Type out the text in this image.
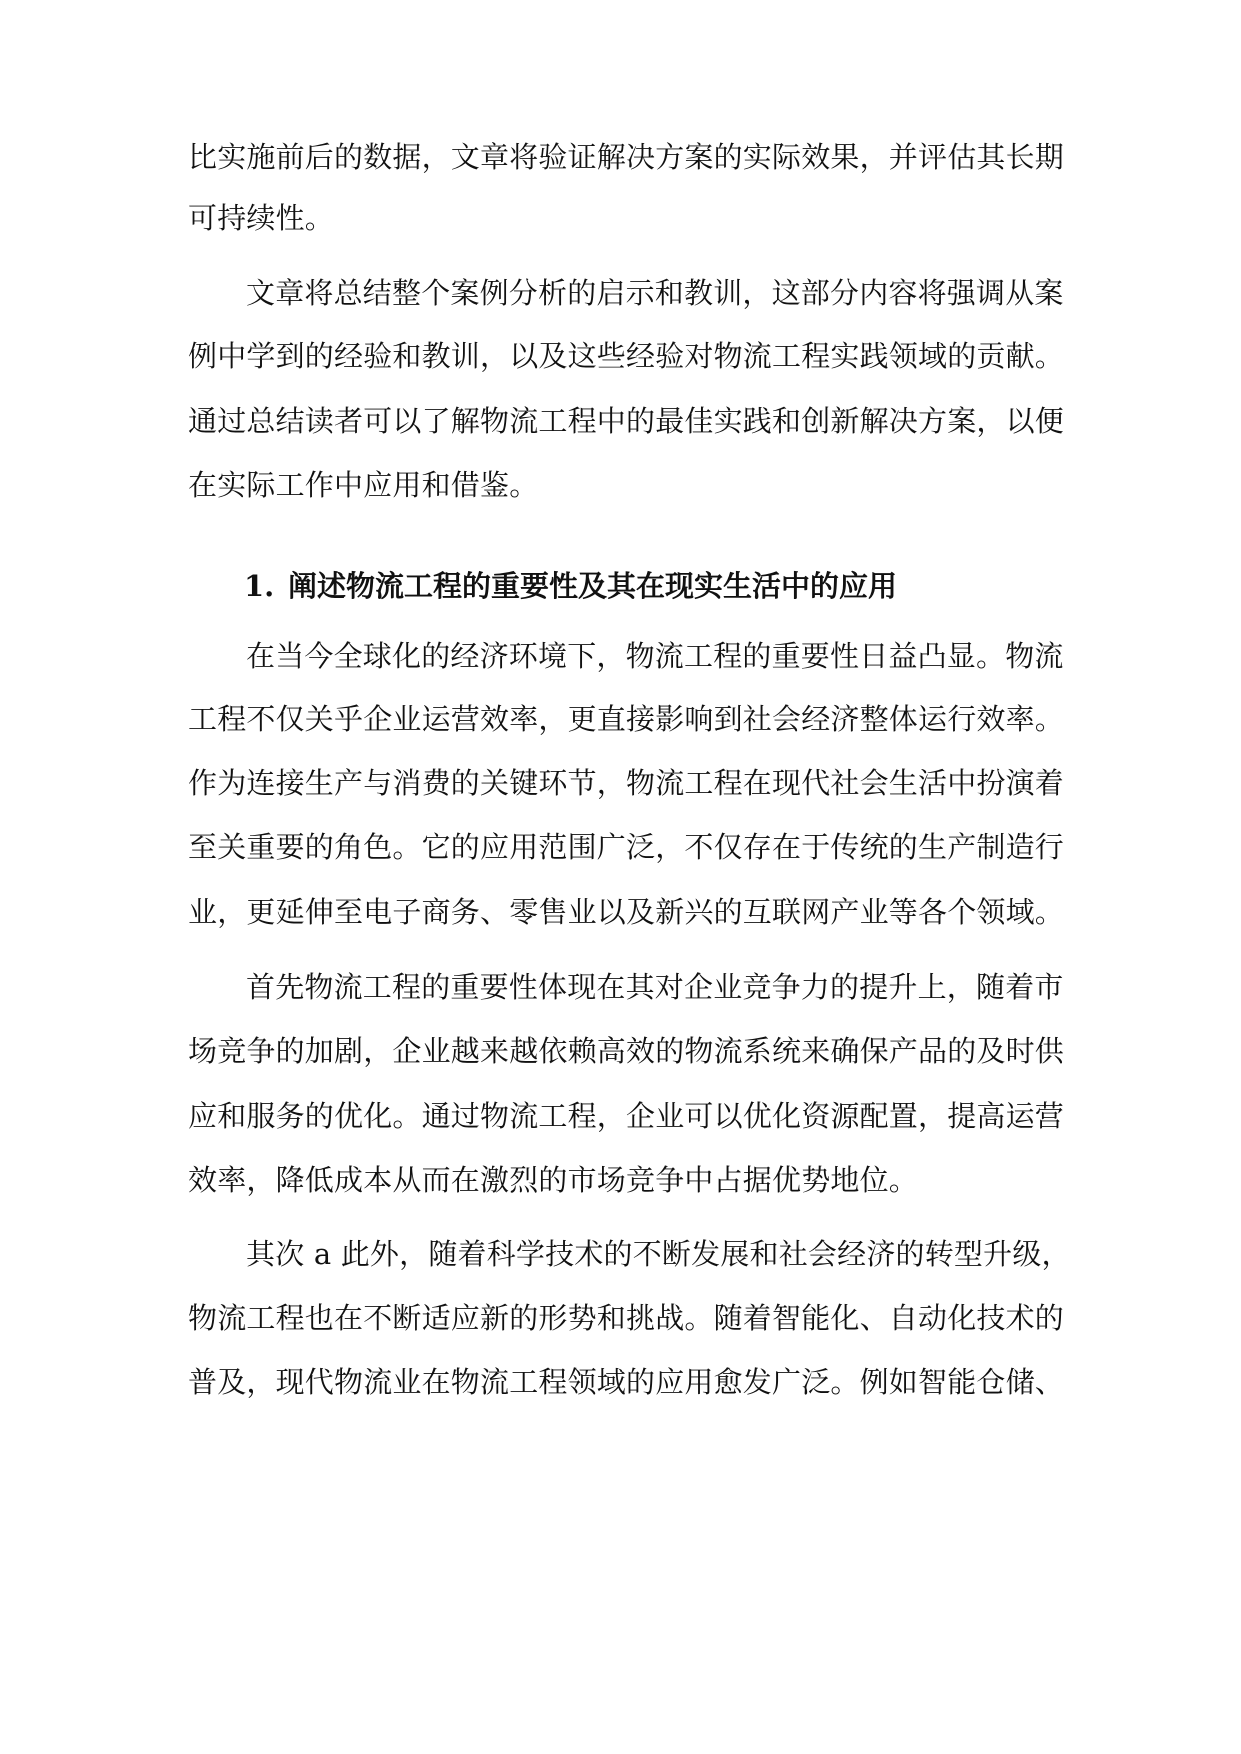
比实施前后的数据，文章将验证解决方案的实际效果，并评估其长期
可持续性。
文章将总结整个案例分析的启示和教训，这部分内容将强调从案
例中学到的经验和教训，以及这些经验对物流工程实践领域的贡献。
通过总结读者可以了解物流工程中的最佳实践和创新解决方案，以便
在实际工作中应用和借鉴。
1. 阐述物流工程的重要性及其在现实生活中的应用
在当今全球化的经济环境下，物流工程的重要性日益凸显。物流
工程不仅关乎企业运营效率，更直接影响到社会经济整体运行效率。
作为连接生产与消费的关键环节，物流工程在现代社会生活中扮演着
至关重要的角色。它的应用范围广泛，不仅存在于传统的生产制造行
业，更延伸至电子商务、零售业以及新兴的互联网产业等各个领域。
首先物流工程的重要性体现在其对企业竞争力的提升上，随着市
场竞争的加剧，企业越来越依赖高效的物流系统来确保产品的及时供
应和服务的优化。通过物流工程，企业可以优化资源配置，提高运营
效率，降低成本从而在激烈的市场竞争中占据优势地位。
其次 a 此外，随着科学技术的不断发展和社会经济的转型升级，
物流工程也在不断适应新的形势和挑战。随着智能化、自动化技术的
普及，现代物流业在物流工程领域的应用愈发广泛。例如智能仓储、
